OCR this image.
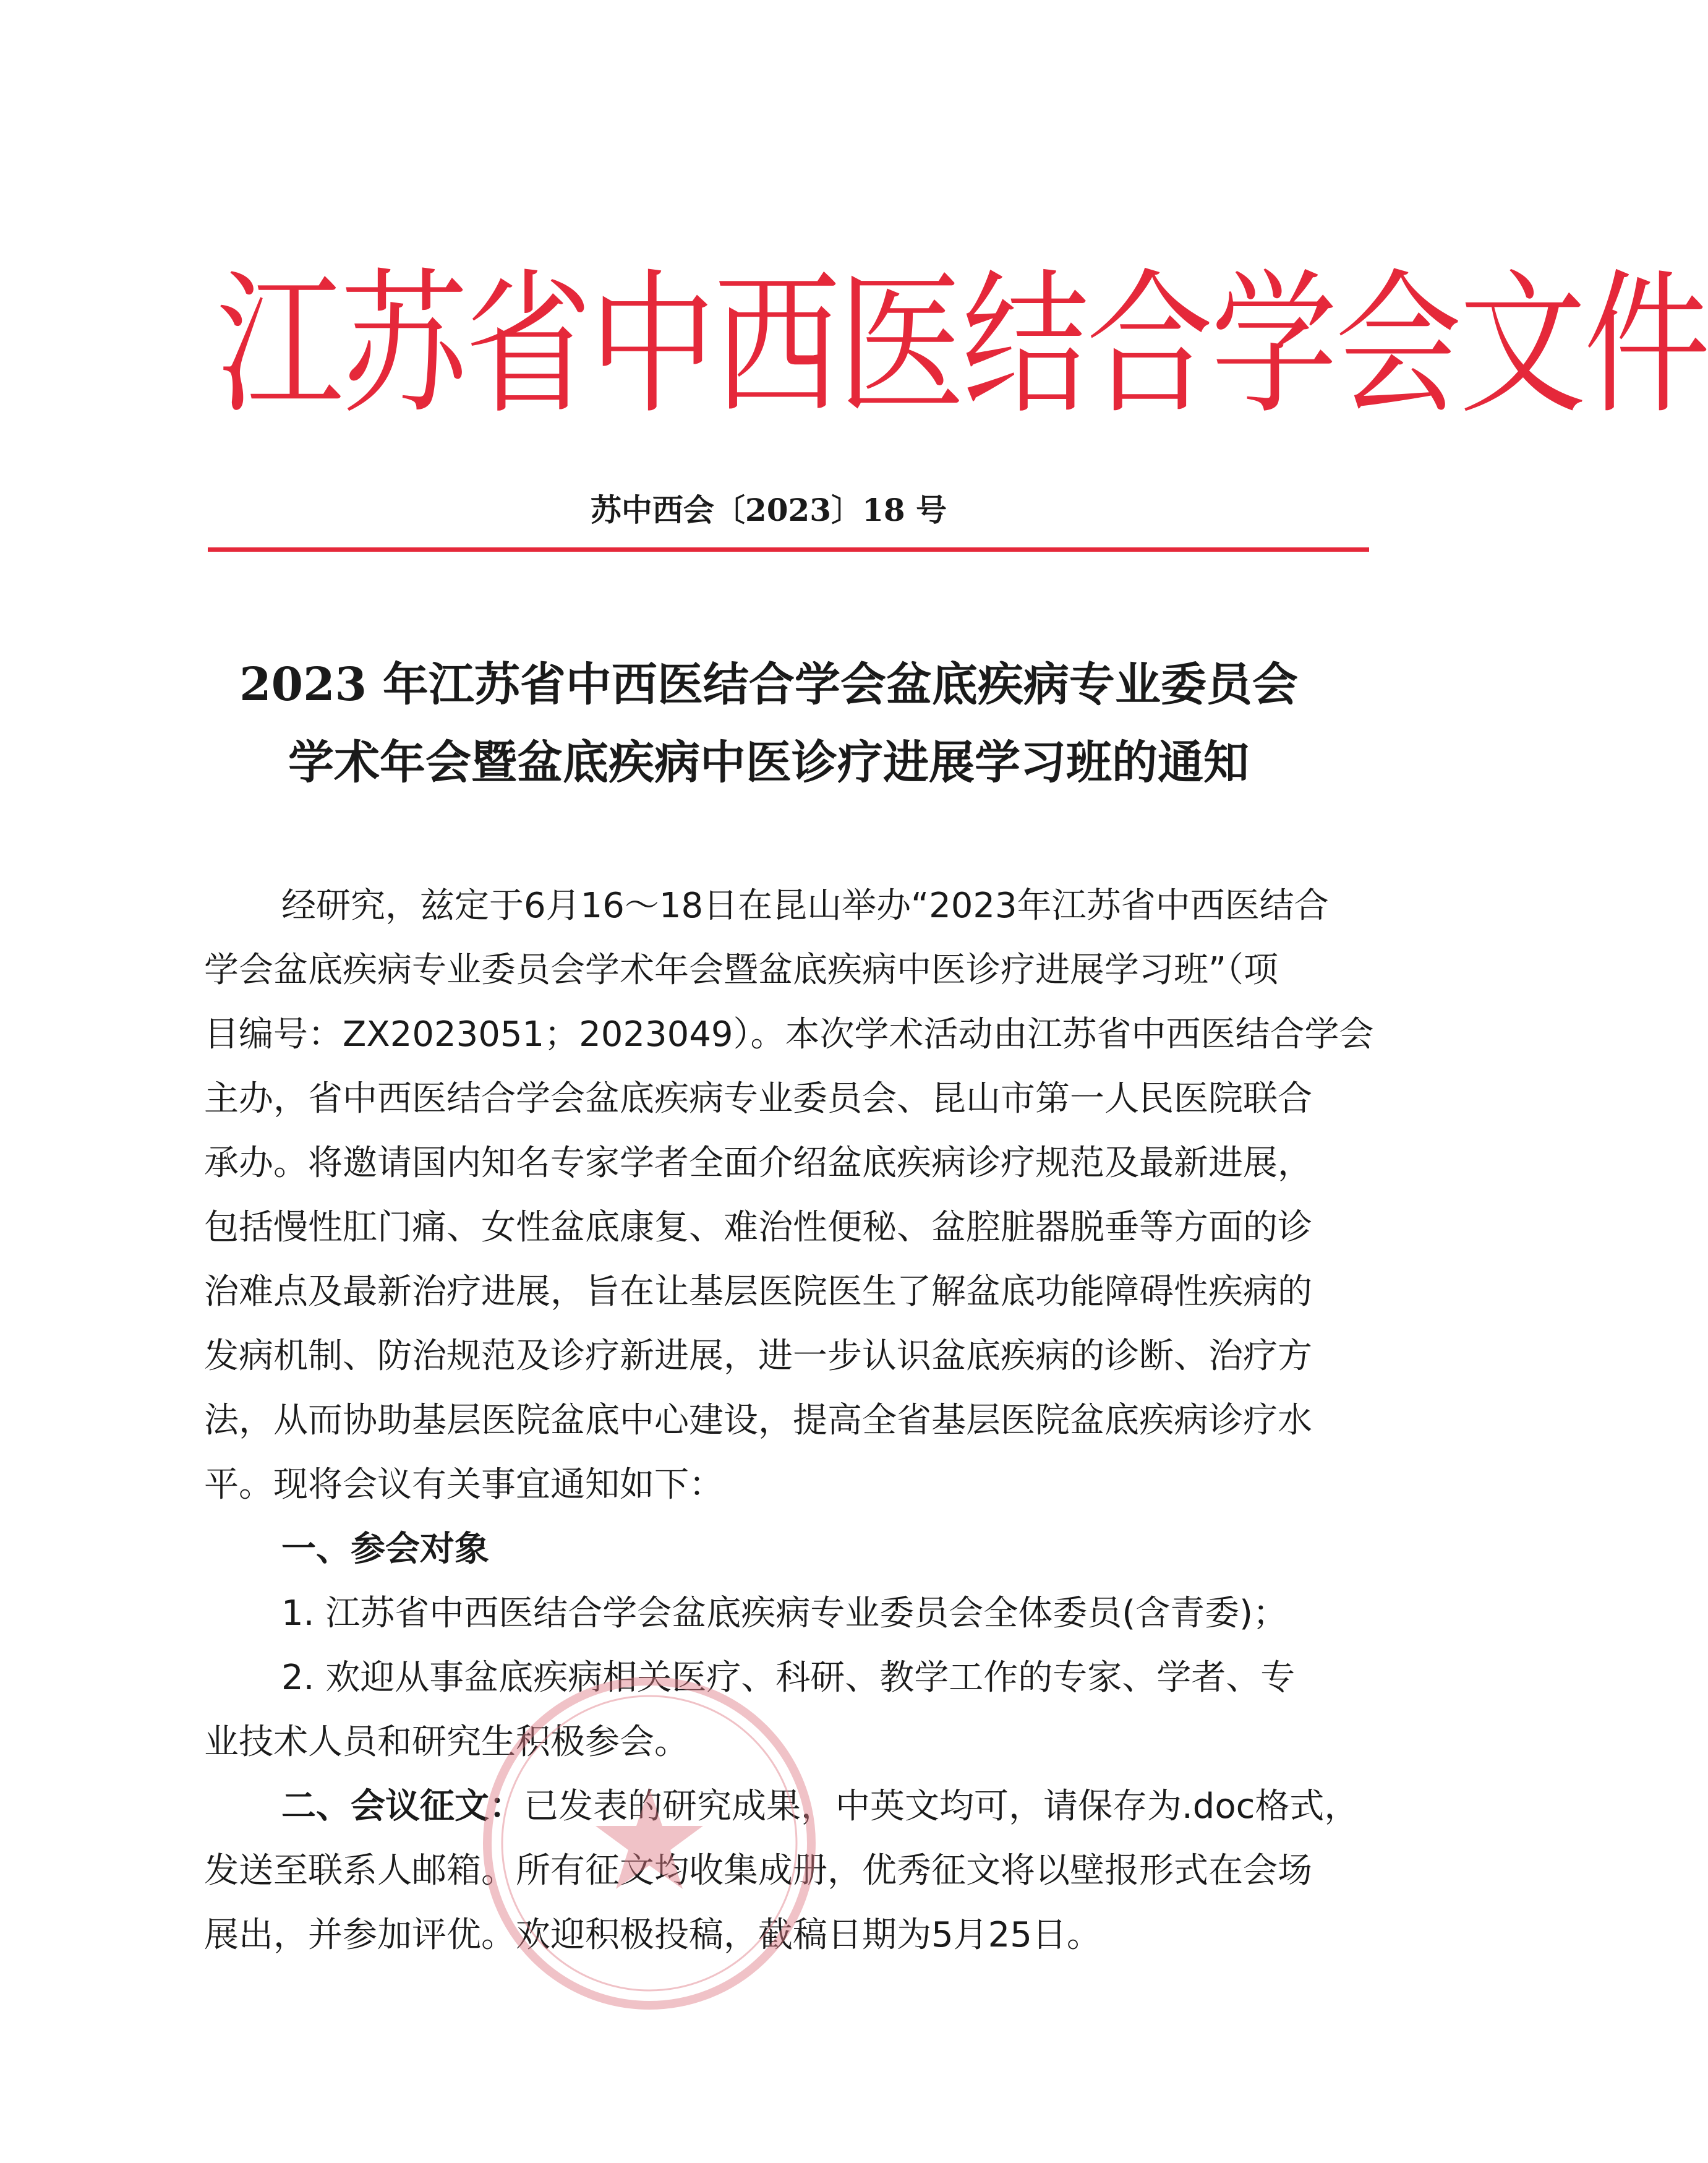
江苏省中西医结合学会文件
苏中西会〔2023〕18 号
2023 年江苏省中西医结合学会盆底疾病专业委员会
学术年会暨盆底疾病中医诊疗进展学习班的通知
经研究，兹定于6月16～18日在昆山举办“2023年江苏省中西医结合
学会盆底疾病专业委员会学术年会暨盆底疾病中医诊疗进展学习班”（项
目编号：ZX2023051；2023049）。本次学术活动由江苏省中西医结合学会
主办，省中西医结合学会盆底疾病专业委员会、昆山市第一人民医院联合
承办。将邀请国内知名专家学者全面介绍盆底疾病诊疗规范及最新进展，
包括慢性肛门痛、女性盆底康复、难治性便秘、盆腔脏器脱垂等方面的诊
治难点及最新治疗进展，旨在让基层医院医生了解盆底功能障碍性疾病的
发病机制、防治规范及诊疗新进展，进一步认识盆底疾病的诊断、治疗方
法，从而协助基层医院盆底中心建设，提高全省基层医院盆底疾病诊疗水
平。现将会议有关事宜通知如下：
一、参会对象
1. 江苏省中西医结合学会盆底疾病专业委员会全体委员(含青委)；
2. 欢迎从事盆底疾病相关医疗、科研、教学工作的专家、学者、专
业技术人员和研究生积极参会。
二、会议征文：已发表的研究成果，中英文均可，请保存为.doc格式，
发送至联系人邮箱。所有征文均收集成册，优秀征文将以壁报形式在会场
展出，并参加评优。欢迎积极投稿，截稿日期为5月25日。
